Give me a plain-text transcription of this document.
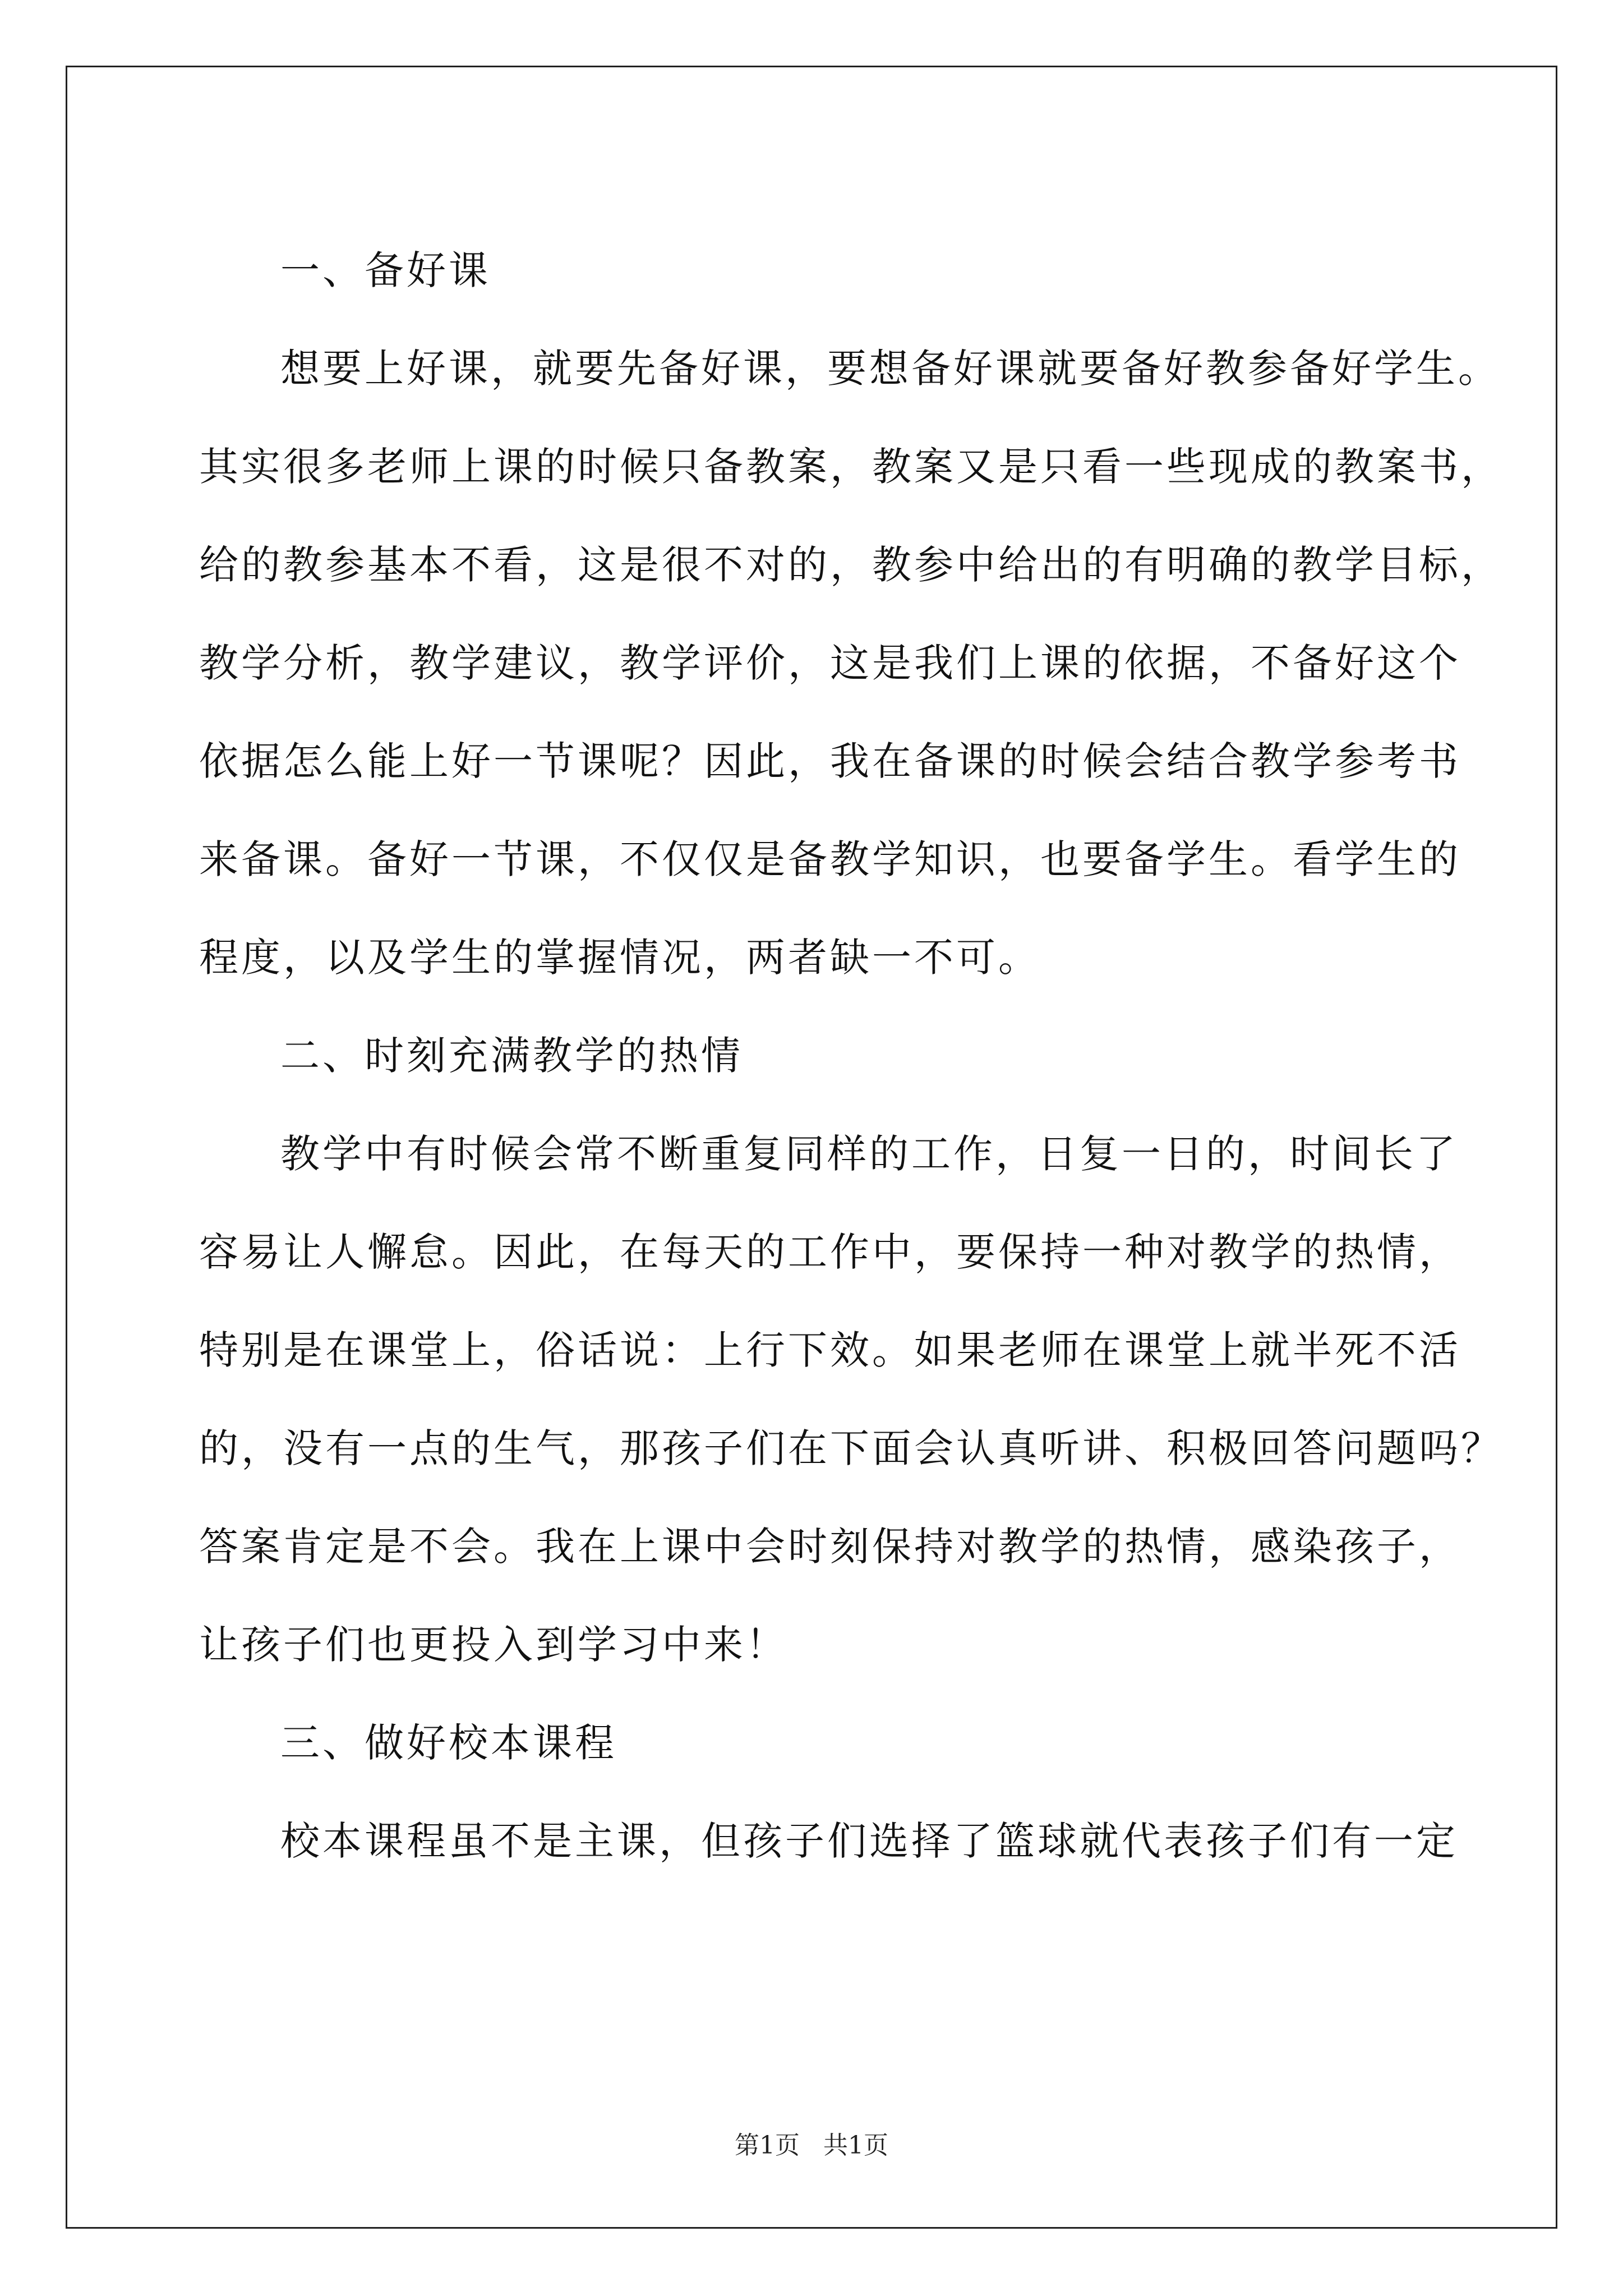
一、备好课
想要上好课，就要先备好课，要想备好课就要备好教参备好学生。
其实很多老师上课的时候只备教案，教案又是只看一些现成的教案书，
给的教参基本不看，这是很不对的，教参中给出的有明确的教学目标，
教学分析，教学建议，教学评价，这是我们上课的依据，不备好这个
依据怎么能上好一节课呢？因此，我在备课的时候会结合教学参考书
来备课。备好一节课，不仅仅是备教学知识，也要备学生。看学生的
程度，以及学生的掌握情况，两者缺一不可。
二、时刻充满教学的热情
教学中有时候会常不断重复同样的工作，日复一日的，时间长了
容易让人懈怠。因此，在每天的工作中，要保持一种对教学的热情，
特别是在课堂上，俗话说：上行下效。如果老师在课堂上就半死不活
的，没有一点的生气，那孩子们在下面会认真听讲、积极回答问题吗？
答案肯定是不会。我在上课中会时刻保持对教学的热情，感染孩子，
让孩子们也更投入到学习中来！
三、做好校本课程
校本课程虽不是主课，但孩子们选择了篮球就代表孩子们有一定
第1页 共1页
